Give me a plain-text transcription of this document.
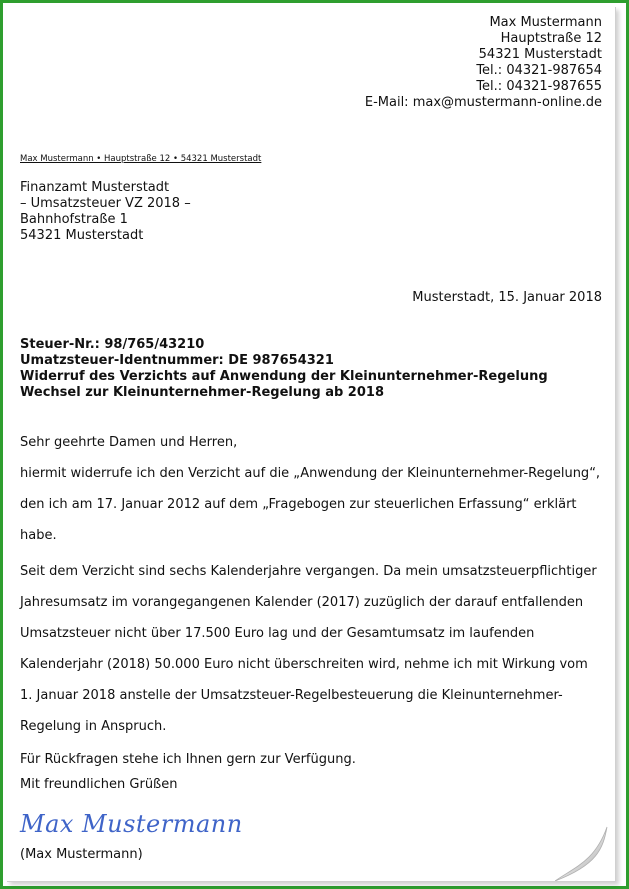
Max Mustermann
Hauptstraße 12
54321 Musterstadt
Tel.: 04321-987654
Tel.: 04321-987655
E-Mail: max@mustermann-online.de
Max Mustermann • Hauptstraße 12 • 54321 Musterstadt
Finanzamt Musterstadt
– Umsatzsteuer VZ 2018 –
Bahnhofstraße 1
54321 Musterstadt
Musterstadt, 15. Januar 2018
Steuer-Nr.: 98/765/43210
Umatzsteuer-Identnummer: DE 987654321
Widerruf des Verzichts auf Anwendung der Kleinunternehmer-Regelung
Wechsel zur Kleinunternehmer-Regelung ab 2018

Sehr geehrte Damen und Herren,

hiermit widerrufe ich den Verzicht auf die „Anwendung der Kleinunternehmer-Regelung“,
den ich am 17. Januar 2012 auf dem „Fragebogen zur steuerlichen Erfassung“ erklärt
habe.
Seit dem Verzicht sind sechs Kalenderjahre vergangen. Da mein umsatzsteuerpflichtiger
Jahresumsatz im vorangegangenen Kalender (2017) zuzüglich der darauf entfallenden
Umsatzsteuer nicht über 17.500 Euro lag und der Gesamtumsatz im laufenden
Kalenderjahr (2018) 50.000 Euro nicht überschreiten wird, nehme ich mit Wirkung vom
1. Januar 2018 anstelle der Umsatzsteuer-Regelbesteuerung die Kleinunternehmer-
Regelung in Anspruch.

Für Rückfragen stehe ich Ihnen gern zur Verfügung.

Mit freundlichen Grüßen

Max Mustermann
(Max Mustermann)
